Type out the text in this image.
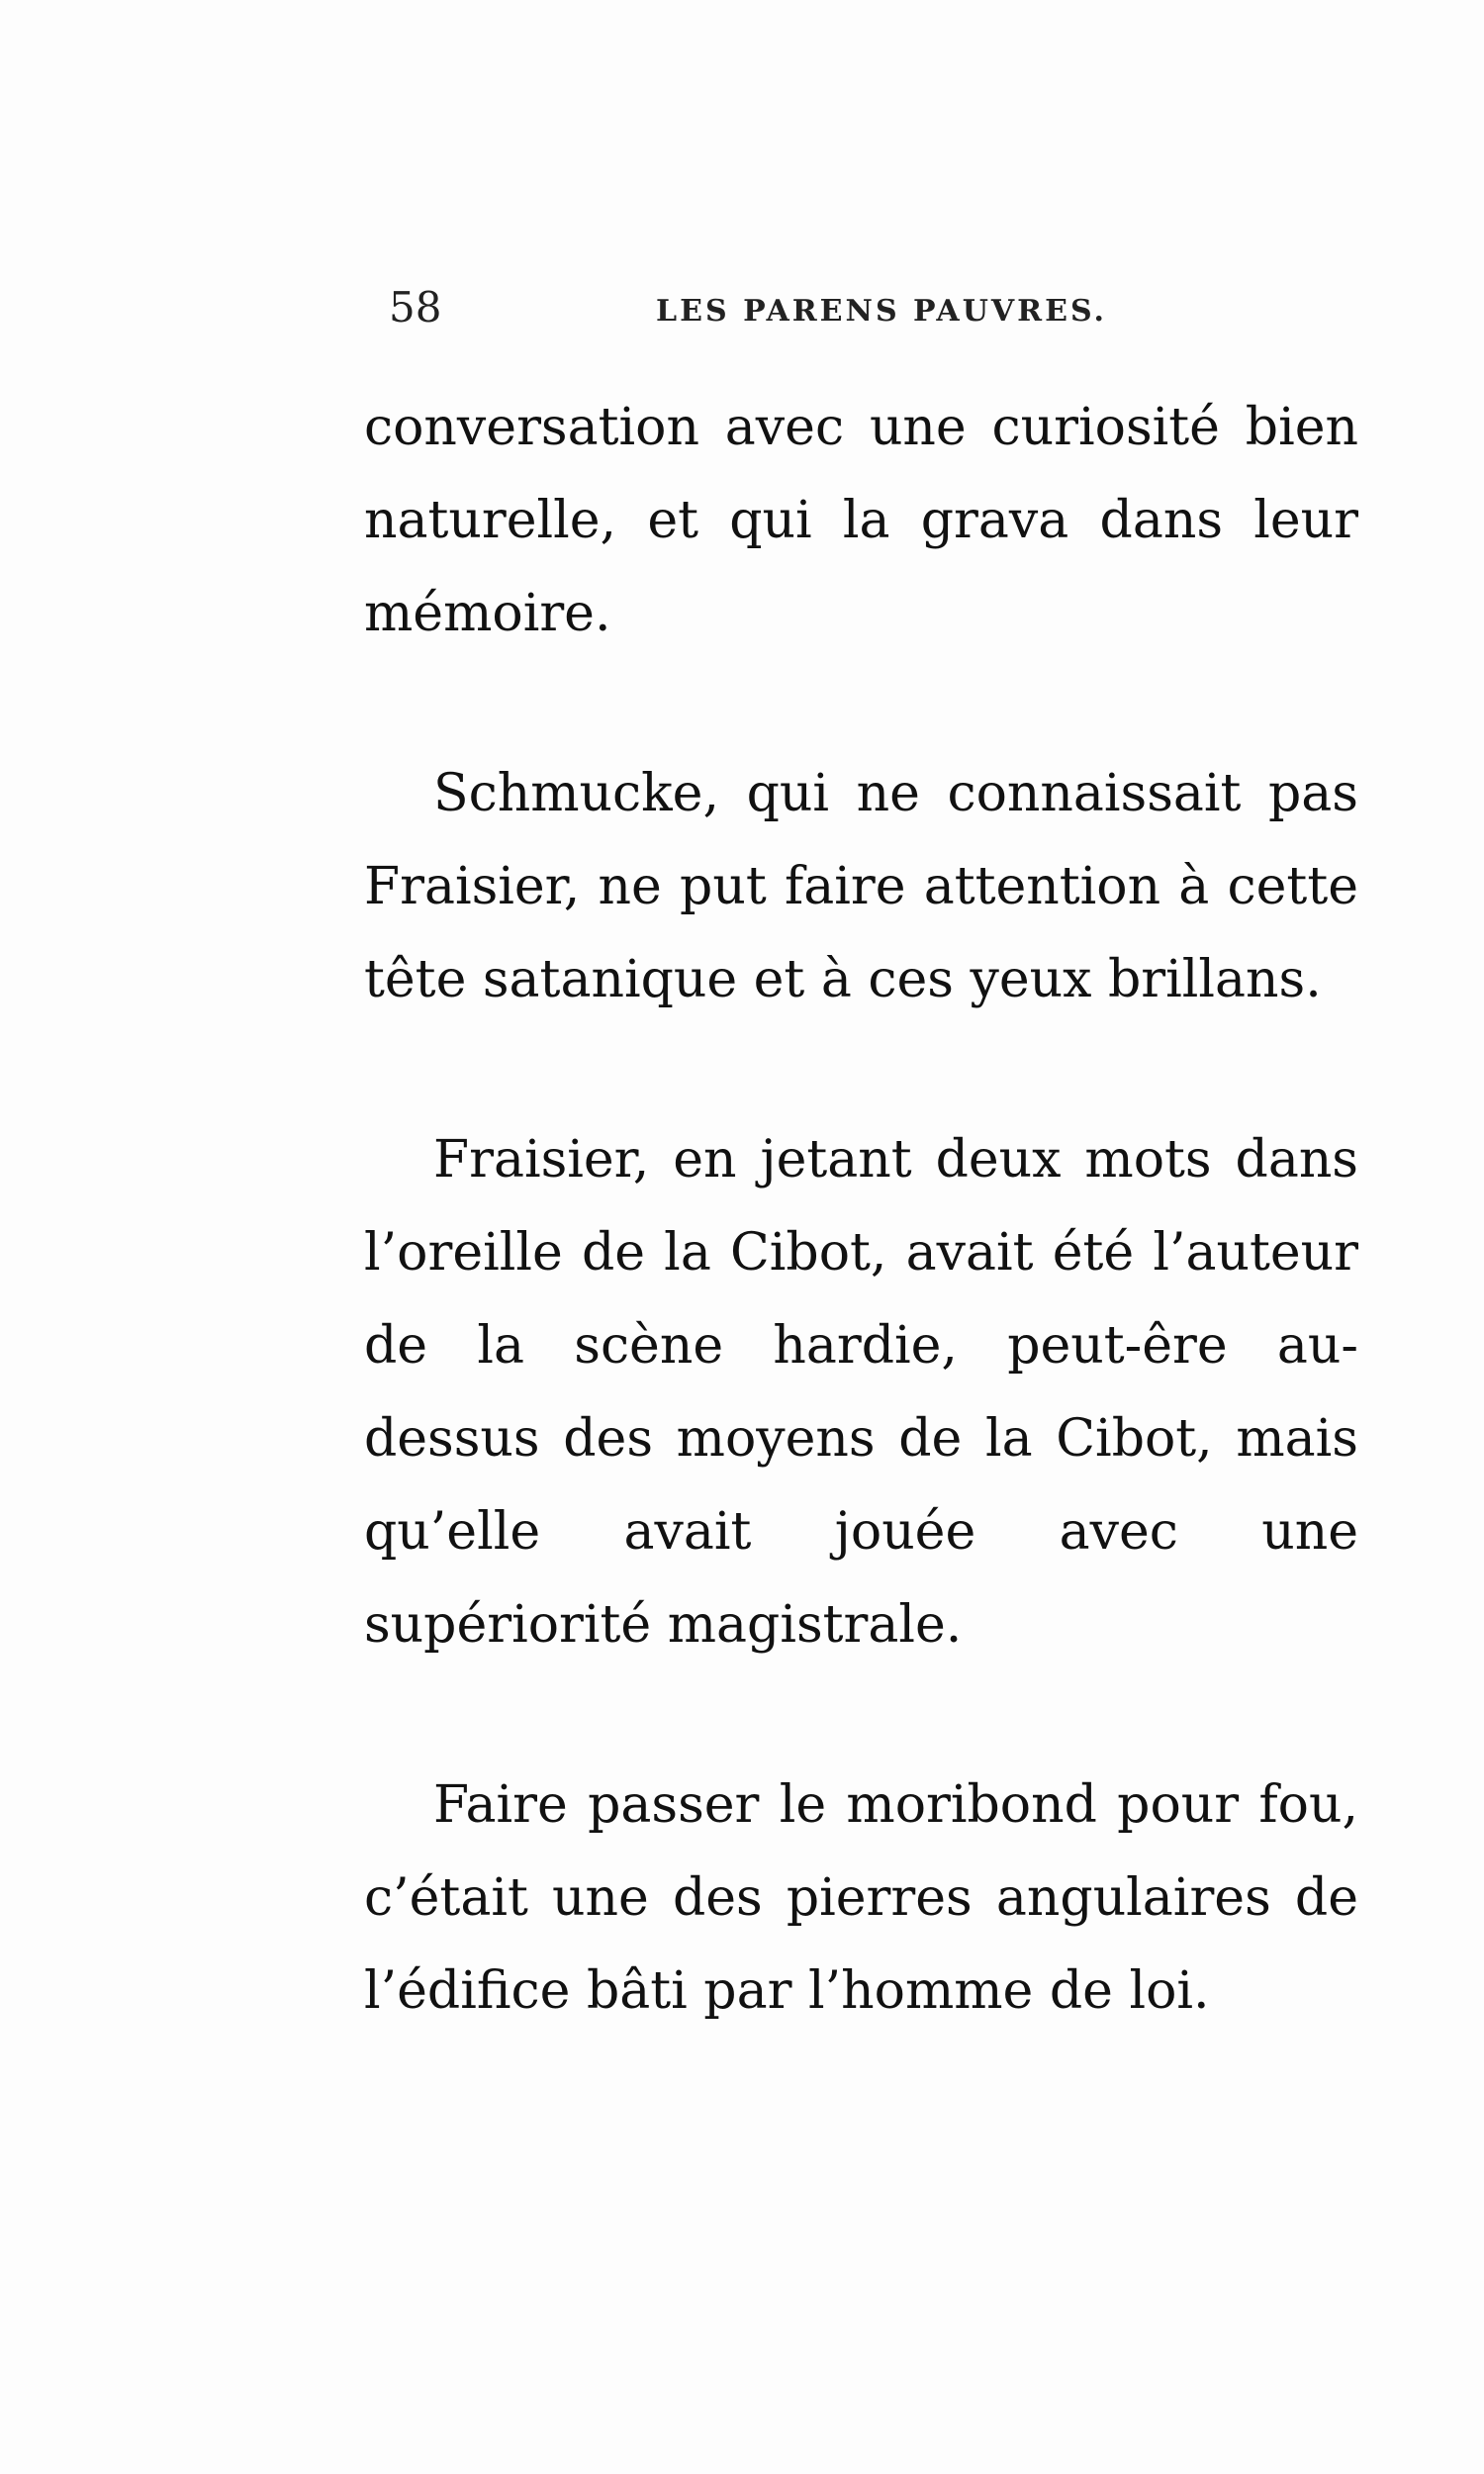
58	LES PARENS PAUVRES.

conversation avec une curiosité bien naturelle, et qui la grava dans leur mémoire.

Schmucke, qui ne connaissait pas Fraisier, ne put faire attention à cette tête satanique et à ces yeux brillans.

Fraisier, en jetant deux mots dans l’oreille de la Cibot, avait été l’auteur de la scène hardie, peut-êre au-dessus des moyens de la Cibot, mais qu’elle avait jouée avec une supériorité magistrale.

Faire passer le moribond pour fou, c’était une des pierres angulaires de l’édifice bâti par l’homme de loi.
